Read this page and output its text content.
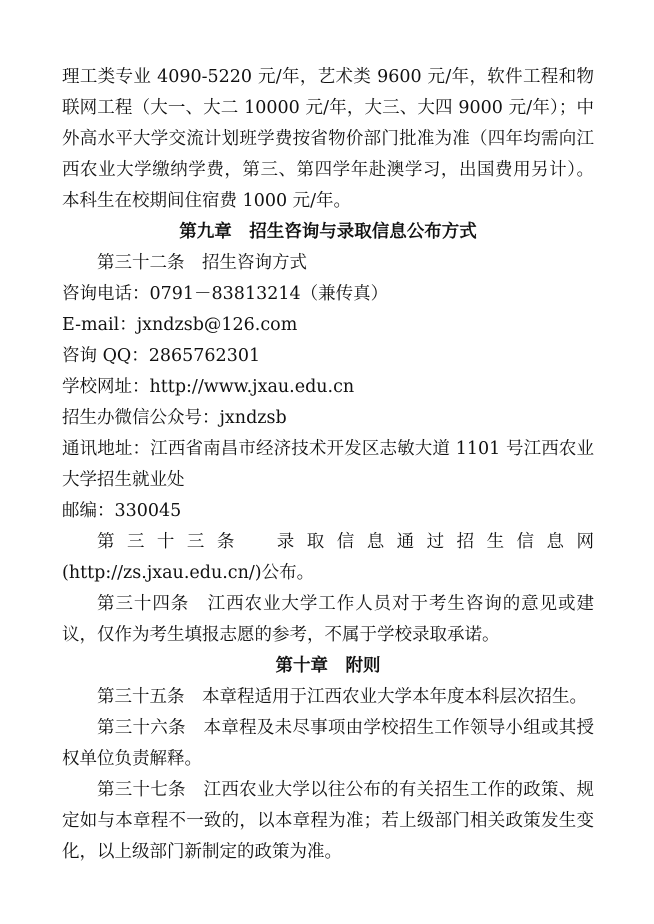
理工类专业 4090-5220 元/年，艺术类 9600 元/年，软件工程和物联网工程（大一、大二 10000 元/年，大三、大四 9000 元/年）；中外高水平大学交流计划班学费按省物价部门批准为准（四年均需向江西农业大学缴纳学费，第三、第四学年赴澳学习，出国费用另计）。本科生在校期间住宿费 1000 元/年。

第九章　招生咨询与录取信息公布方式

第三十二条　招生咨询方式

咨询电话：0791－83813214（兼传真）

E-mail：jxndzsb@126.com

咨询 QQ：2865762301

学校网址：http://www.jxau.edu.cn

招生办微信公众号：jxndzsb

通讯地址：江西省南昌市经济技术开发区志敏大道 1101 号江西农业大学招生就业处

邮编：330045

第三十三条　录取信息通过招生信息网(http://zs.jxau.edu.cn/)公布。

第三十四条　江西农业大学工作人员对于考生咨询的意见或建议，仅作为考生填报志愿的参考，不属于学校录取承诺。

第十章　附则

第三十五条　本章程适用于江西农业大学本年度本科层次招生。

第三十六条　本章程及未尽事项由学校招生工作领导小组或其授权单位负责解释。

第三十七条　江西农业大学以往公布的有关招生工作的政策、规定如与本章程不一致的，以本章程为准；若上级部门相关政策发生变化，以上级部门新制定的政策为准。
